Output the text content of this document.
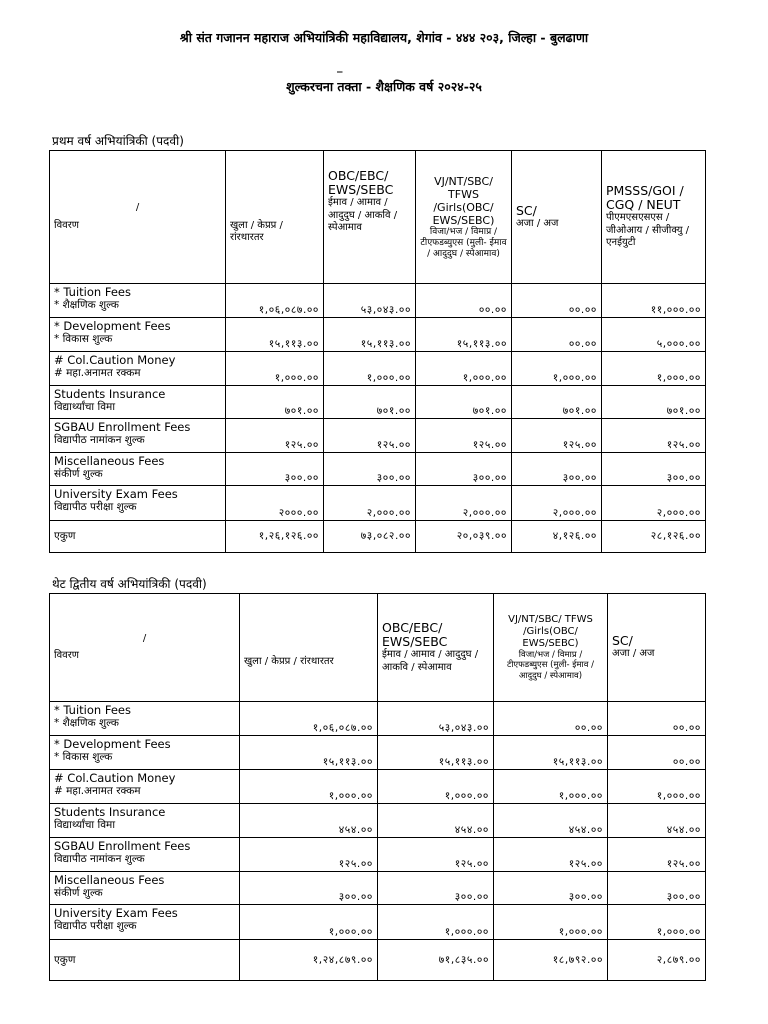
श्री संत गजानन महाराज अभियांत्रिकी महाविद्यालय, शेगांव - ४४४ २०३, जिल्हा - बुलढाणा
_
शुल्करचना तक्ता - शैक्षणिक वर्ष २०२४-२५
प्रथम वर्ष अभियांत्रिकी (पदवी)
/
विवरण	खुला / केप्रप्र / रांरथारतर	OBC/EBC/ EWS/SEBC
ईमाव / आमाव / आदुदुघ / आकवि / स्पेआमाव	VJ/NT/SBC/ TFWS /Girls(OBC/ EWS/SEBC)
विजा/भज / विमाप्र / टीएफडब्युएस (मुली- ईमाव / आदुदुघ / स्पेआमाव)	SC/
अजा / अज	PMSSS/GOI / CGQ / NEUT
पीएमएसएसएस / जीओआय / सीजीक्यु / एनईयुटी

* Tuition Fees
* शैक्षणिक शुल्क	१,०६,०८७.००	५३,०४३.००	००.००	००.००	११,०००.००

* Development Fees
* विकास शुल्क	१५,११३.००	१५,११३.००	१५,११३.००	००.००	५,०००.००

# Col.Caution Money
# महा.अनामत रक्कम	१,०००.००	१,०००.००	१,०००.००	१,०००.००	१,०००.००

Students Insurance
विद्यार्थ्यांचा विमा	७०१.००	७०१.००	७०१.००	७०१.००	७०१.००

SGBAU Enrollment Fees
विद्यापीठ नामांकन शुल्क	१२५.००	१२५.००	१२५.००	१२५.००	१२५.००

Miscellaneous Fees
संकीर्ण शुल्क	३००.००	३००.००	३००.००	३००.००	३००.००

University Exam Fees
विद्यापीठ परीक्षा शुल्क	२०००.००	२,०००.००	२,०००.००	२,०००.००	२,०००.००
एकुण	१,२६,१२६.००	७३,०८२.००	२०,०३९.००	४,१२६.००	२८,१२६.००
थेट द्वितीय वर्ष अभियांत्रिकी (पदवी)
/
विवरण	खुला / केप्रप्र / रांरथारतर	OBC/EBC/ EWS/SEBC
ईमाव / आमाव / आदुदुघ / आकवि / स्पेआमाव	VJ/NT/SBC/ TFWS /Girls(OBC/ EWS/SEBC)
विजा/भज / विमाप्र / टीएफडब्युएस (मुली- ईमाव / आदुदुघ / स्पेआमाव)	SC/
अजा / अज

* Tuition Fees
* शैक्षणिक शुल्क	१,०६,०८७.००	५३,०४३.००	००.००	००.००

* Development Fees
* विकास शुल्क	१५,११३.००	१५,११३.००	१५,११३.००	००.००

# Col.Caution Money
# महा.अनामत रक्कम	१,०००.००	१,०००.००	१,०००.००	१,०००.००

Students Insurance
विद्यार्थ्यांचा विमा	४५४.००	४५४.००	४५४.००	४५४.००

SGBAU Enrollment Fees
विद्यापीठ नामांकन शुल्क	१२५.००	१२५.००	१२५.००	१२५.००

Miscellaneous Fees
संकीर्ण शुल्क	३००.००	३००.००	३००.००	३००.००

University Exam Fees
विद्यापीठ परीक्षा शुल्क	१,०००.००	१,०००.००	१,०००.००	१,०००.००
एकुण	१,२४,८७९.००	७१,८३५.००	१८,७९२.००	२,८७९.००
